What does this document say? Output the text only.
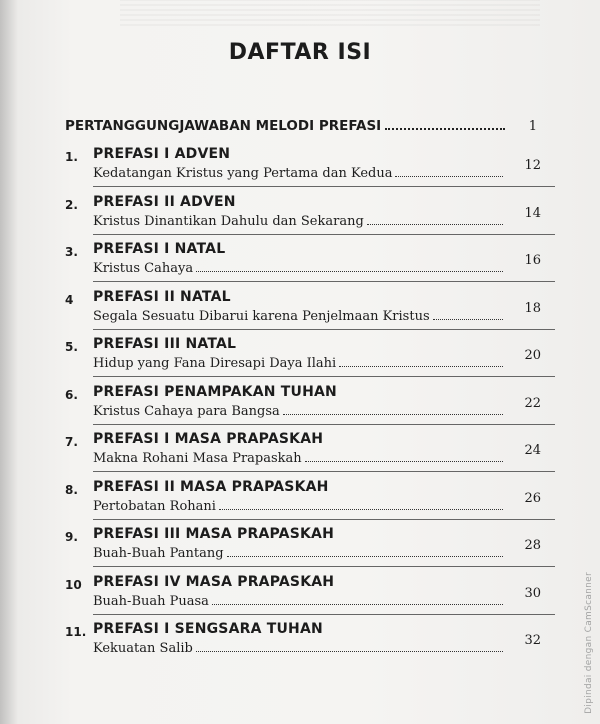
DAFTAR ISI
PERTANGGUNGJAWABAN MELODI PREFASI	1
1. PREFASI I ADVEN
Kedatangan Kristus yang Pertama dan Kedua
12
2. PREFASI II ADVEN
Kristus Dinantikan Dahulu dan Sekarang
14
3. PREFASI I NATAL
Kristus Cahaya
16
4 PREFASI II NATAL
Segala Sesuatu Dibarui karena Penjelmaan Kristus
18
5. PREFASI III NATAL
Hidup yang Fana Diresapi Daya Ilahi
20
6. PREFASI PENAMPAKAN TUHAN
Kristus Cahaya para Bangsa
22
7. PREFASI I MASA PRAPASKAH
Makna Rohani Masa Prapaskah
24
8. PREFASI II MASA PRAPASKAH
Pertobatan Rohani
26
9. PREFASI III MASA PRAPASKAH
Buah-Buah Pantang
28
10 PREFASI IV MASA PRAPASKAH
Buah-Buah Puasa
30
11. PREFASI I SENGSARA TUHAN
Kekuatan Salib
32	Dipindai dengan CamScanner
